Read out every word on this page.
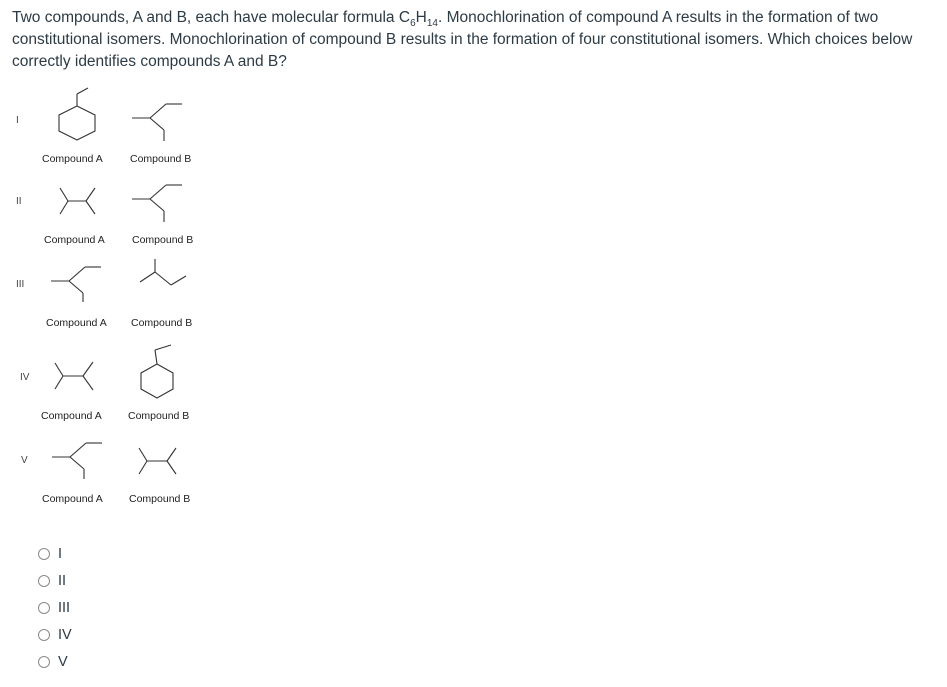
Two compounds, A and B, each have molecular formula $C_6H_{14}$. Monochlorination of compound A results in the formation of two constitutional isomers. Monochlorination of compound B results in the formation of four constitutional isomers. Which choices below correctly identifies compounds A and B?
I
Compound A	Compound B
II
Compound A	Compound B
III
Compound A Compound B
IV
Compound A	Compound B
V
Compound A	Compound B
I
II
III
IV
V
